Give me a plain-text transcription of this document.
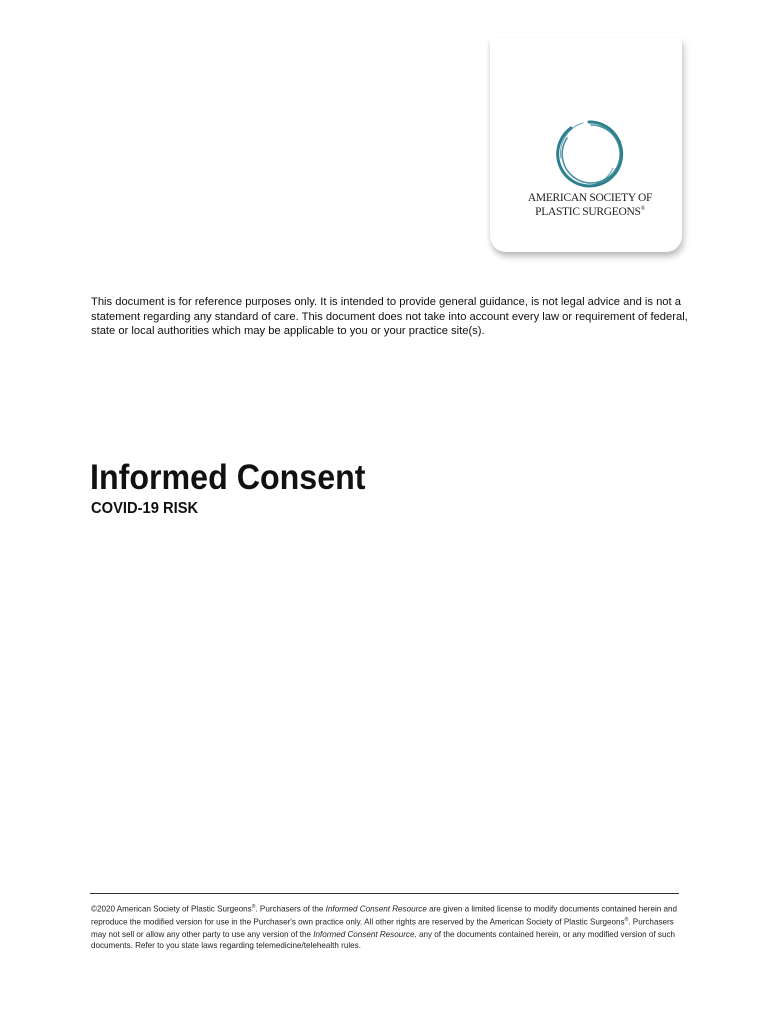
AMERICAN SOCIETY OF
PLASTIC SURGEONS®

This document is for reference purposes only. It is intended to provide general guidance, is not legal advice and is not a statement regarding any standard of care. This document does not take into account every law or requirement of federal, state or local authorities which may be applicable to you or your practice site(s).

Informed Consent
COVID-19 RISK

©2020 American Society of Plastic Surgeons®. Purchasers of the Informed Consent Resource are given a limited license to modify documents contained herein and reproduce the modified version for use in the Purchaser's own practice only. All other rights are reserved by the American Society of Plastic Surgeons®. Purchasers may not sell or allow any other party to use any version of the Informed Consent Resource, any of the documents contained herein, or any modified version of such documents. Refer to you state laws regarding telemedicine/telehealth rules.
